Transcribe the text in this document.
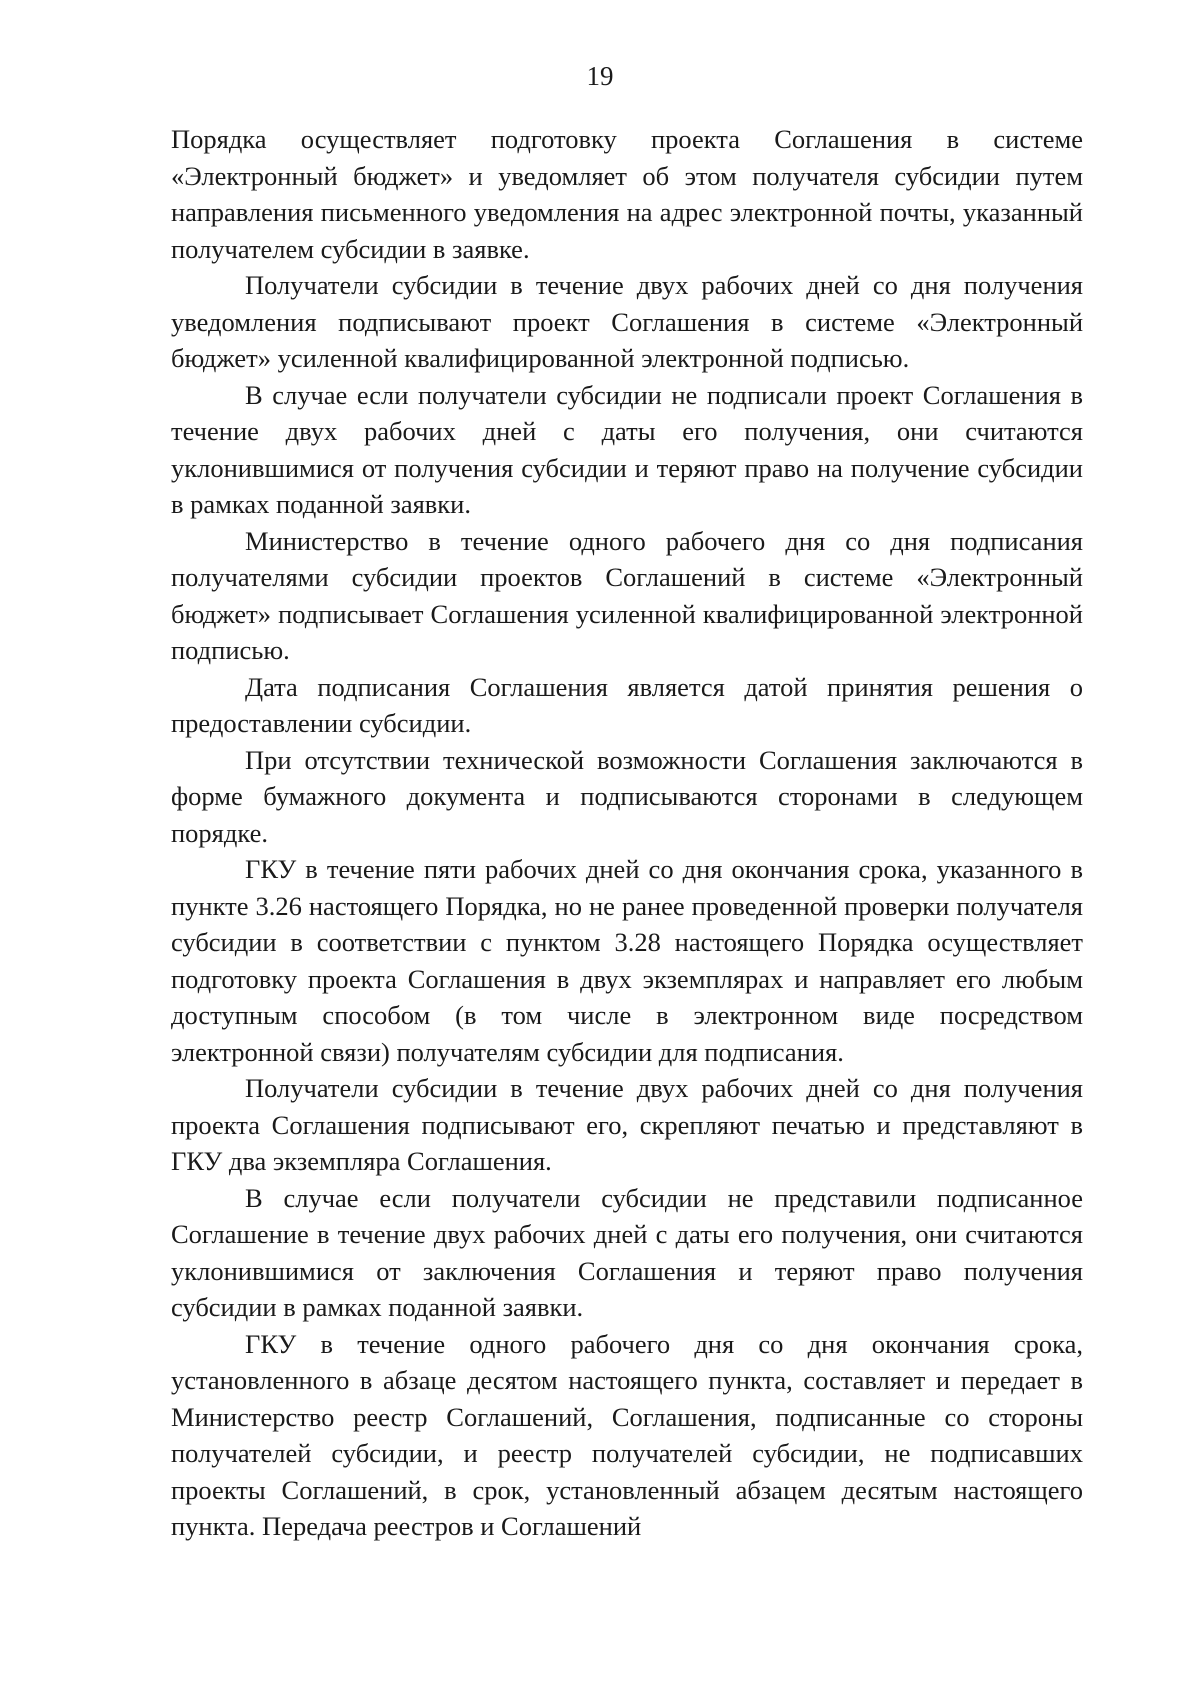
19

Порядка осуществляет подготовку проекта Соглашения в системе «Электронный бюджет» и уведомляет об этом получателя субсидии путем направления письменного уведомления на адрес электронной почты, указанный получателем субсидии в заявке.

Получатели субсидии в течение двух рабочих дней со дня получения уведомления подписывают проект Соглашения в системе «Электронный бюджет» усиленной квалифицированной электронной подписью.

В случае если получатели субсидии не подписали проект Соглашения в течение двух рабочих дней с даты его получения, они считаются уклонившимися от получения субсидии и теряют право на получение субсидии в рамках поданной заявки.

Министерство в течение одного рабочего дня со дня подписания получателями субсидии проектов Соглашений в системе «Электронный бюджет» подписывает Соглашения усиленной квалифицированной электронной подписью.

Дата подписания Соглашения является датой принятия решения о предоставлении субсидии.

При отсутствии технической возможности Соглашения заключаются в форме бумажного документа и подписываются сторонами в следующем порядке.

ГКУ в течение пяти рабочих дней со дня окончания срока, указанного в пункте 3.26 настоящего Порядка, но не ранее проведенной проверки получателя субсидии в соответствии с пунктом 3.28 настоящего Порядка осуществляет подготовку проекта Соглашения в двух экземплярах и направляет его любым доступным способом (в том числе в электронном виде посредством электронной связи) получателям субсидии для подписания.

Получатели субсидии в течение двух рабочих дней со дня получения проекта Соглашения подписывают его, скрепляют печатью и представляют в ГКУ два экземпляра Соглашения.

В случае если получатели субсидии не представили подписанное Соглашение в течение двух рабочих дней с даты его получения, они считаются уклонившимися от заключения Соглашения и теряют право получения субсидии в рамках поданной заявки.

ГКУ в течение одного рабочего дня со дня окончания срока, установленного в абзаце десятом настоящего пункта, составляет и передает в Министерство реестр Соглашений, Соглашения, подписанные со стороны получателей субсидии, и реестр получателей субсидии, не подписавших проекты Соглашений, в срок, установленный абзацем десятым настоящего пункта. Передача реестров и Соглашений
